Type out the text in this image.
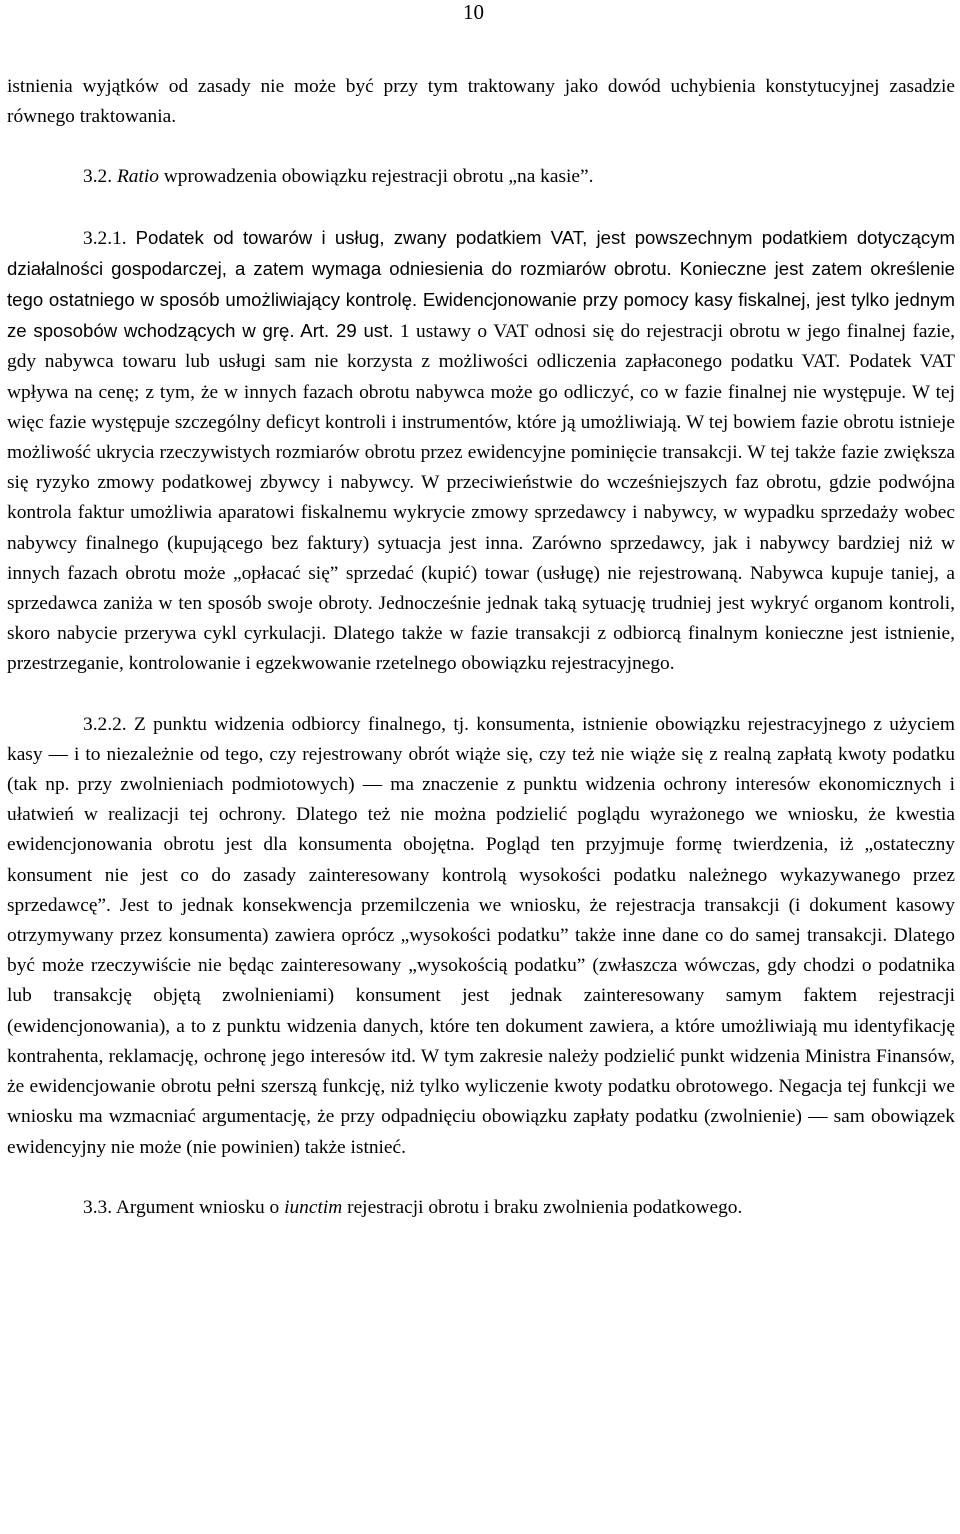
10

istnienia wyjątków od zasady nie może być przy tym traktowany jako dowód uchybienia konstytucyjnej zasadzie równego traktowania.

3.2. Ratio wprowadzenia obowiązku rejestracji obrotu „na kasie”.

3.2.1. Podatek od towarów i usług, zwany podatkiem VAT, jest powszechnym podatkiem dotyczącym działalności gospodarczej, a zatem wymaga odniesienia do rozmiarów obrotu. Konieczne jest zatem określenie tego ostatniego w sposób umożliwiający kontrolę. Ewidencjonowanie przy pomocy kasy fiskalnej, jest tylko jednym ze sposobów wchodzących w grę. Art. 29 ust. 1 ustawy o VAT odnosi się do rejestracji obrotu w jego finalnej fazie, gdy nabywca towaru lub usługi sam nie korzysta z możliwości odliczenia zapłaconego podatku VAT. Podatek VAT wpływa na cenę; z tym, że w innych fazach obrotu nabywca może go odliczyć, co w fazie finalnej nie występuje. W tej więc fazie występuje szczególny deficyt kontroli i instrumentów, które ją umożliwiają. W tej bowiem fazie obrotu istnieje możliwość ukrycia rzeczywistych rozmiarów obrotu przez ewidencyjne pominięcie transakcji. W tej także fazie zwiększa się ryzyko zmowy podatkowej zbywcy i nabywcy. W przeciwieństwie do wcześniejszych faz obrotu, gdzie podwójna kontrola faktur umożliwia aparatowi fiskalnemu wykrycie zmowy sprzedawcy i nabywcy, w wypadku sprzedaży wobec nabywcy finalnego (kupującego bez faktury) sytuacja jest inna. Zarówno sprzedawcy, jak i nabywcy bardziej niż w innych fazach obrotu może „opłacać się” sprzedać (kupić) towar (usługę) nie rejestrowaną. Nabywca kupuje taniej, a sprzedawca zaniża w ten sposób swoje obroty. Jednocześnie jednak taką sytuację trudniej jest wykryć organom kontroli, skoro nabycie przerywa cykl cyrkulacji. Dlatego także w fazie transakcji z odbiorcą finalnym konieczne jest istnienie, przestrzeganie, kontrolowanie i egzekwowanie rzetelnego obowiązku rejestracyjnego.

3.2.2. Z punktu widzenia odbiorcy finalnego, tj. konsumenta, istnienie obowiązku rejestracyjnego z użyciem kasy — i to niezależnie od tego, czy rejestrowany obrót wiąże się, czy też nie wiąże się z realną zapłatą kwoty podatku (tak np. przy zwolnieniach podmiotowych) — ma znaczenie z punktu widzenia ochrony interesów ekonomicznych i ułatwień w realizacji tej ochrony. Dlatego też nie można podzielić poglądu wyrażonego we wniosku, że kwestia ewidencjonowania obrotu jest dla konsumenta obojętna. Pogląd ten przyjmuje formę twierdzenia, iż „ostateczny konsument nie jest co do zasady zainteresowany kontrolą wysokości podatku należnego wykazywanego przez sprzedawcę”. Jest to jednak konsekwencja przemilczenia we wniosku, że rejestracja transakcji (i dokument kasowy otrzymywany przez konsumenta) zawiera oprócz „wysokości podatku” także inne dane co do samej transakcji. Dlatego być może rzeczywiście nie będąc zainteresowany „wysokością podatku” (zwłaszcza wówczas, gdy chodzi o podatnika lub transakcję objętą zwolnieniami) konsument jest jednak zainteresowany samym faktem rejestracji (ewidencjonowania), a to z punktu widzenia danych, które ten dokument zawiera, a które umożliwiają mu identyfikację kontrahenta, reklamację, ochronę jego interesów itd. W tym zakresie należy podzielić punkt widzenia Ministra Finansów, że ewidencjowanie obrotu pełni szerszą funkcję, niż tylko wyliczenie kwoty podatku obrotowego. Negacja tej funkcji we wniosku ma wzmacniać argumentację, że przy odpadnięciu obowiązku zapłaty podatku (zwolnienie) — sam obowiązek ewidencyjny nie może (nie powinien) także istnieć.

3.3. Argument wniosku o iunctim rejestracji obrotu i braku zwolnienia podatkowego.
